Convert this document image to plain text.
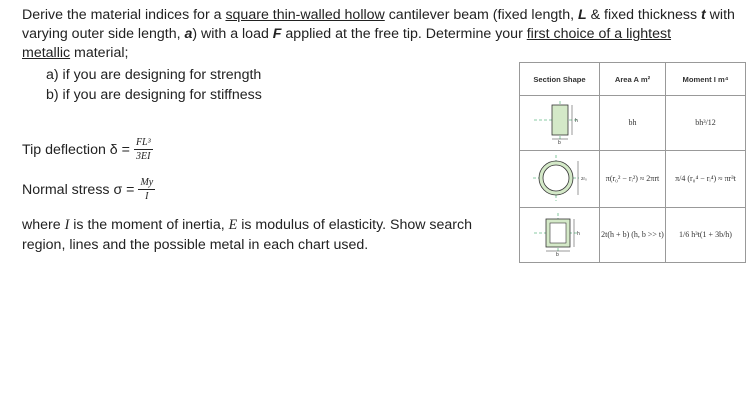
Derive the material indices for a square thin-walled hollow cantilever beam (fixed length, L & fixed thickness t with varying outer side length, a) with a load F applied at the free tip. Determine your first choice of a lightest
metallic material;
a) if you are designing for strength
b) if you are designing for stiffness
Tip deflection $\delta = \frac{\text{FL³}}{3EI}$
Normal stress $\sigma = \frac{My}{I}$
where I is the moment of inertia, E is modulus of elasticity. Show search region, lines and the possible metal in each chart used.
Section Shape	Area A m²	Moment I m⁴

h
b	bh	bh³/12

2r₀	π(r₀² − rᵢ²) ≈ 2πrt	π/4 (r₀⁴ − rᵢ⁴) ≈ πr³t

h
b	2t(h + b) (h, b >> t)	1/6 h³t(1 + 3b/h)
